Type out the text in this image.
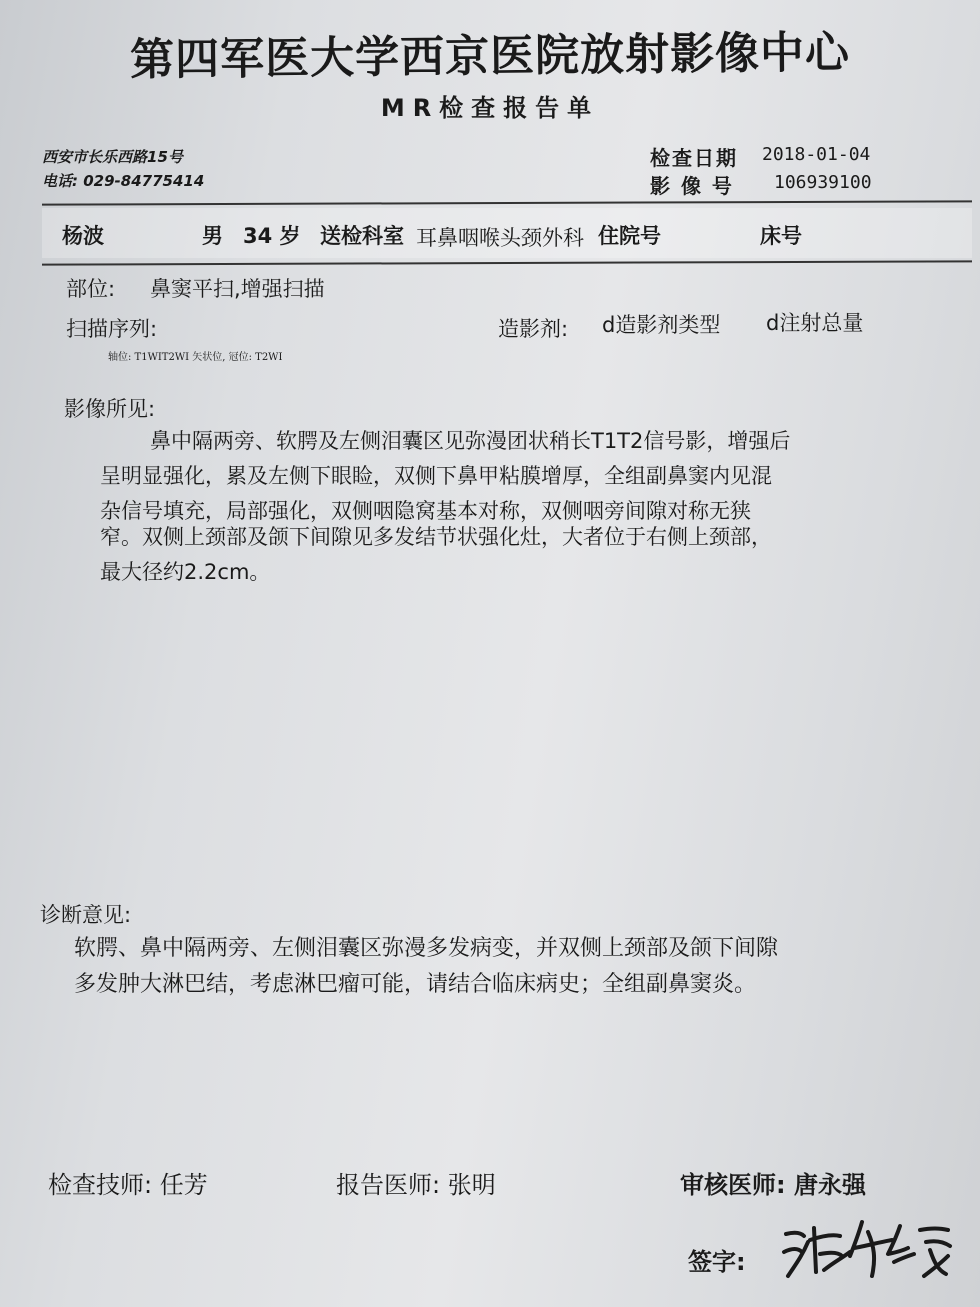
第四军医大学西京医院放射影像中心
MR检查报告单
西安市长乐西路15号
电话: 029-84775414
检查日期 2018-01-04
影 像 号 106939100
杨波	男 34 岁 送检科室 耳鼻咽喉头颈外科 住院号	床号
部位: 鼻窦平扫,增强扫描
扫描序列:	造影剂: d造影剂类型 d注射总量
轴位: T1WIT2WI 矢状位, 冠位: T2WI
影像所见:
鼻中隔两旁、软腭及左侧泪囊区见弥漫团状稍长T1T2信号影，增强后
呈明显强化，累及左侧下眼睑，双侧下鼻甲粘膜增厚，全组副鼻窦内见混
杂信号填充，局部强化，双侧咽隐窝基本对称，双侧咽旁间隙对称无狭
窄。双侧上颈部及颌下间隙见多发结节状强化灶，大者位于右侧上颈部，
最大径约2.2cm。
诊断意见:
软腭、鼻中隔两旁、左侧泪囊区弥漫多发病变，并双侧上颈部及颌下间隙
多发肿大淋巴结，考虑淋巴瘤可能，请结合临床病史；全组副鼻窦炎。
检查技师: 任芳	报告医师: 张明	审核医师: 唐永强
签字:
